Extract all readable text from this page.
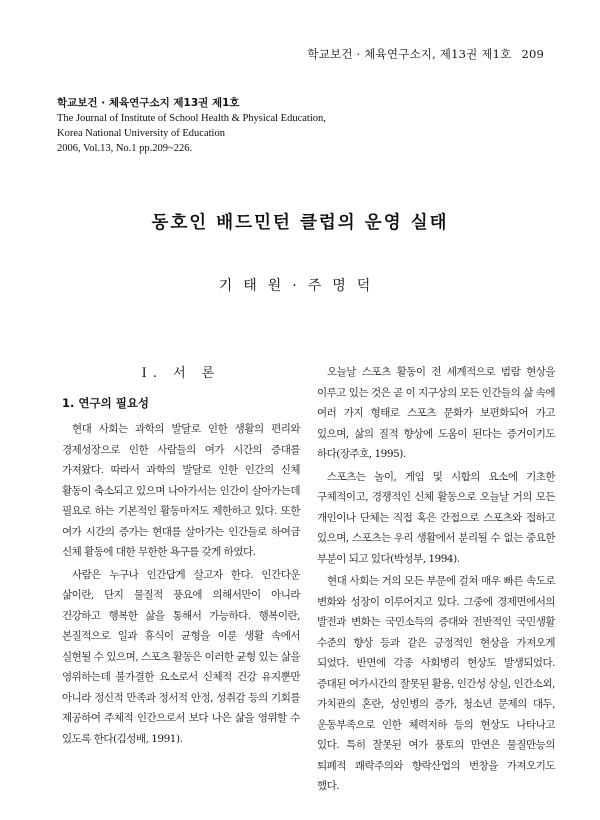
학교보건 · 체육연구소지, 제13권 제1호 209
학교보건 · 체육연구소지 제13권 제1호
The Journal of Institute of School Health & Physical Education,
Korea National University of Education
2006, Vol.13, No.1 pp.209~226.
동호인 배드민턴 클럽의 운영 실태
기태원·주명덕
Ⅰ. 서 론
1. 연구의 필요성

현대 사회는 과학의 발달로 인한 생활의 편리와 경제성장으로 인한 사람들의 여가 시간의 증대를 가져왔다. 따라서 과학의 발달로 인한 인간의 신체 활동이 축소되고 있으며 나아가서는 인간이 살아가는데 필요로 하는 기본적인 활동마저도 제한하고 있다. 또한 여가 시간의 증가는 현대를 살아가는 인간들로 하여금 신체 활동에 대한 무한한 욕구를 갖게 하였다.

사람은 누구나 인간답게 살고자 한다. 인간다운 삶이란, 단지 물질적 풍요에 의해서만이 아니라 건강하고 행복한 삶을 통해서 가능하다. 행복이란, 본질적으로 일과 휴식이 균형을 이룬 생활 속에서 실현될 수 있으며, 스포츠 활동은 이러한 균형 있는 삶을 영위하는데 불가결한 요소로서 신체적 건강 유지뿐만 아니라 정신적 만족과 정서적 안정, 성취감 등의 기회를 제공하여 주체적 인간으로서 보다 나은 삶을 영위할 수 있도록 한다(김성배, 1991).

오늘날 스포츠 활동이 전 세계적으로 범람 현상을 이루고 있는 것은 곧 이 지구상의 모든 인간들의 삶 속에 여러 가지 형태로 스포츠 문화가 보편화되어 가고 있으며, 삶의 질적 향상에 도움이 된다는 증거이기도 하다(장주호, 1995).

스포츠는 놀이, 게임 및 시합의 요소에 기초한 구체적이고, 경쟁적인 신체 활동으로 오늘날 거의 모든 개인이나 단체는 직접 혹은 간접으로 스포츠와 접하고 있으며, 스포츠는 우리 생활에서 분리될 수 없는 중요한 부분이 되고 있다(박성부, 1994).

현대 사회는 거의 모든 부문에 걸쳐 매우 빠른 속도로 변화와 성장이 이루어지고 있다. 그중에 경제면에서의 발전과 변화는 국민소득의 증대와 전반적인 국민생활 수준의 향상 등과 같은 긍정적인 현상을 가져오게 되었다. 반면에 각종 사회병리 현상도 발생되었다. 증대된 여가시간의 잘못된 활용, 인간성 상실, 인간소외, 가치관의 혼란, 성인병의 증가, 청소년 문제의 대두, 운동부족으로 인한 체력저하 등의 현상도 나타나고 있다. 특히 잘못된 여가 풍토의 만연은 물질만능의 퇴폐적 쾌락주의와 향락산업의 번창을 가져오기도 했다.
